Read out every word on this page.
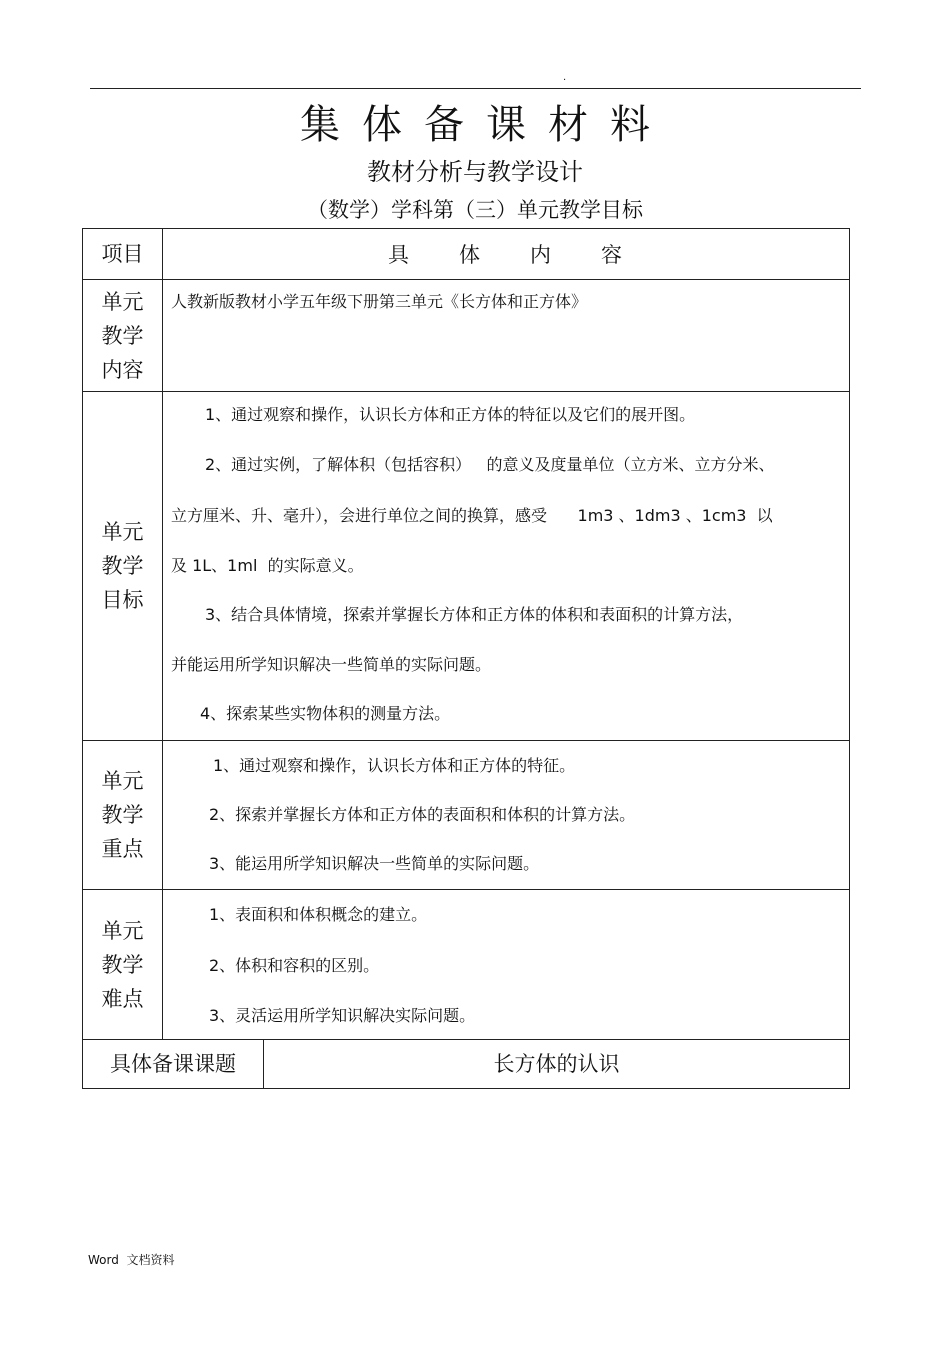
.
集体备课材料
教材分析与教学设计
（数学）学科第（三）单元教学目标
项目	具 体 内 容
单元
教学
内容
人教新版教材小学五年级下册第三单元《长方体和正方体》
单元
教学
目标
1、通过观察和操作，认识长方体和正方体的特征以及它们的展开图。
2、通过实例，了解体积（包括容积）   的意义及度量单位（立方米、立方分米、
立方厘米、升、毫升），会进行单位之间的换算，感受      1m3 、1dm3 、1cm3  以
及 1L、1ml  的实际意义。
3、结合具体情境，探索并掌握长方体和正方体的体积和表面积的计算方法，
并能运用所学知识解决一些简单的实际问题。
4、探索某些实物体积的测量方法。
单元
教学
重点
1、通过观察和操作，认识长方体和正方体的特征。
2、探索并掌握长方体和正方体的表面积和体积的计算方法。
3、能运用所学知识解决一些简单的实际问题。
单元
教学
难点
1、表面积和体积概念的建立。
2、体积和容积的区别。
3、灵活运用所学知识解决实际问题。
具体备课课题	长方体的认识
Word  文档资料
